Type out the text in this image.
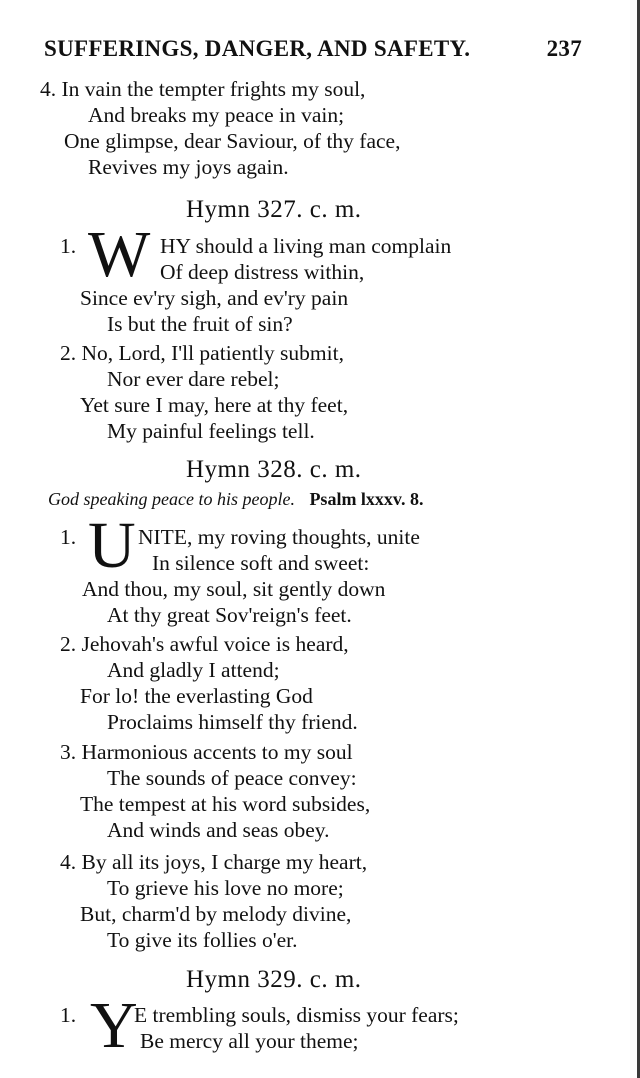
SUFFERINGS, DANGER, AND SAFETY.	237
4. In vain the tempter frights my soul,
And breaks my peace in vain;
One glimpse, dear Saviour, of thy face,
Revives my joys again.
Hymn 327. c. m.
1. W HY should a living man complain
Of deep distress within,
Since ev'ry sigh, and ev'ry pain
Is but the fruit of sin?
2. No, Lord, I'll patiently submit,
Nor ever dare rebel;
Yet sure I may, here at thy feet,
My painful feelings tell.
Hymn 328. c. m.
God speaking peace to his people. Psalm lxxxv. 8.
1. U NITE, my roving thoughts, unite
In silence soft and sweet:
And thou, my soul, sit gently down
At thy great Sov'reign's feet.
2. Jehovah's awful voice is heard,
And gladly I attend;
For lo! the everlasting God
Proclaims himself thy friend.
3. Harmonious accents to my soul
The sounds of peace convey:
The tempest at his word subsides,
And winds and seas obey.
4. By all its joys, I charge my heart,
To grieve his love no more;
But, charm'd by melody divine,
To give its follies o'er.
Hymn 329. c. m.
1. Y
E trembling souls, dismiss your fears;
Be mercy all your theme;
